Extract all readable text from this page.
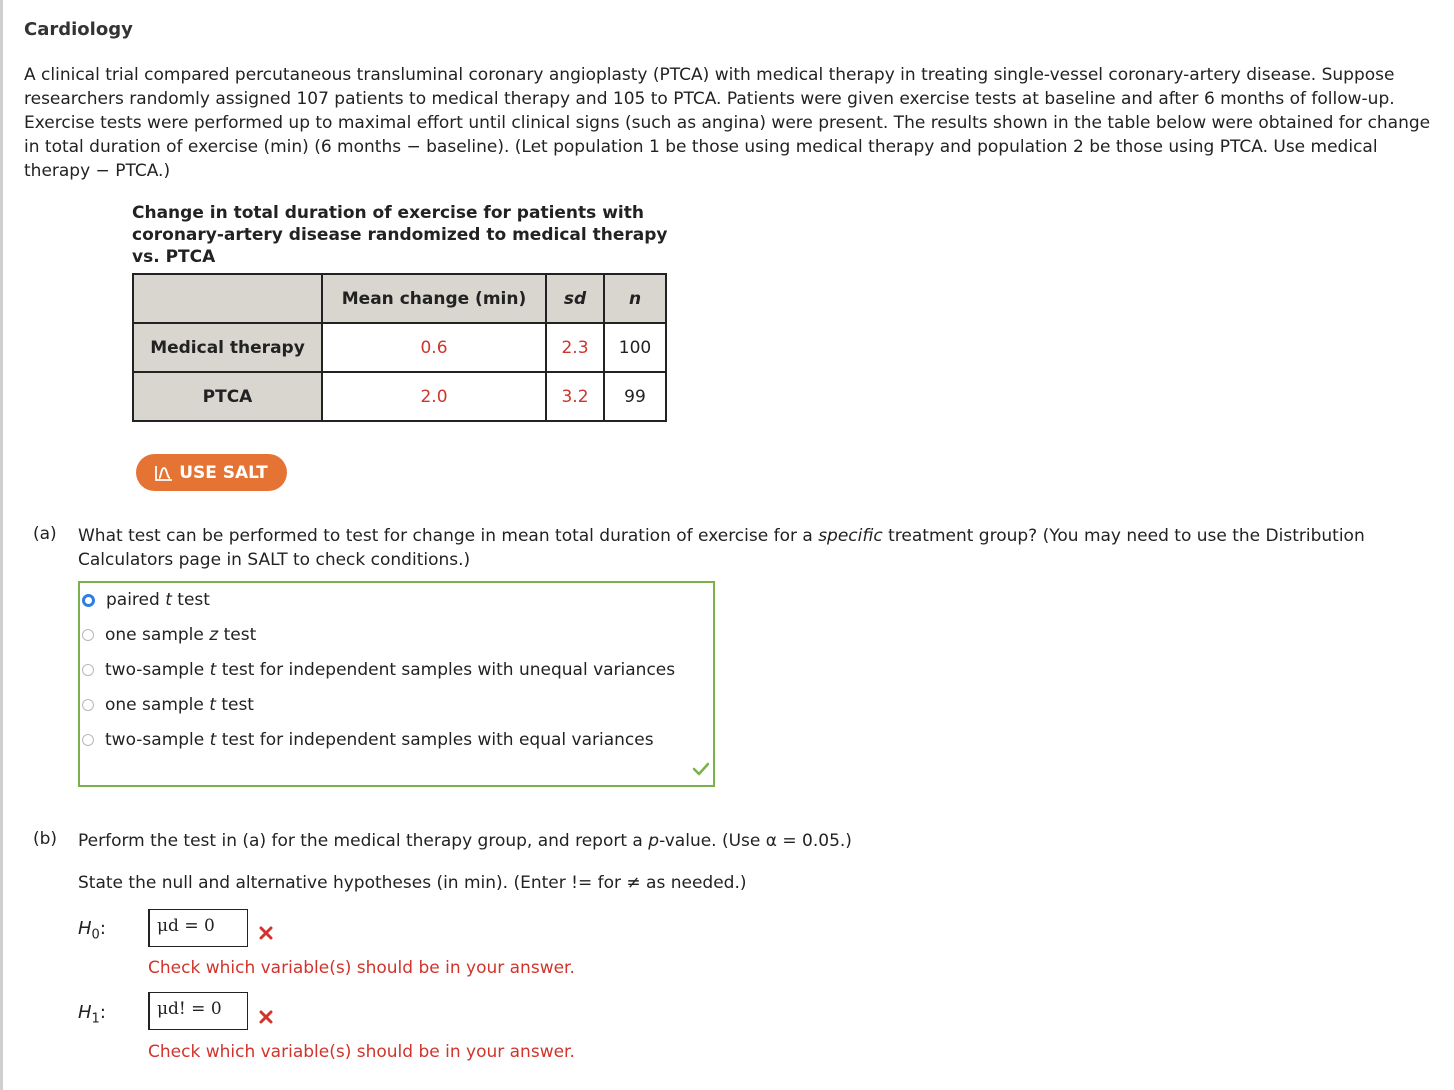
Cardiology
A clinical trial compared percutaneous transluminal coronary angioplasty (PTCA) with medical therapy in treating single-vessel coronary-artery disease. Suppose researchers randomly assigned 107 patients to medical therapy and 105 to PTCA. Patients were given exercise tests at baseline and after 6 months of follow-up. Exercise tests were performed up to maximal effort until clinical signs (such as angina) were present. The results shown in the table below were obtained for change in total duration of exercise (min) (6 months − baseline). (Let population 1 be those using medical therapy and population 2 be those using PTCA. Use medical therapy − PTCA.)
Change in total duration of exercise for patients with coronary-artery disease randomized to medical therapy vs. PTCA
	Mean change (min)	sd	n
Medical therapy	0.6	2.3	100
PTCA	2.0	3.2	99
USE SALT
(a) What test can be performed to test for change in mean total duration of exercise for a specific treatment group? (You may need to use the Distribution Calculators page in SALT to check conditions.)
paired t test
one sample z test
two-sample t test for independent samples with unequal variances
one sample t test
two-sample t test for independent samples with equal variances
(b) Perform the test in (a) for the medical therapy group, and report a p-value. (Use α = 0.05.)
State the null and alternative hypotheses (in min). (Enter != for ≠ as needed.)
$H_0$:	μd = 0
Check which variable(s) should be in your answer.
$H_1$:	μd! = 0
Check which variable(s) should be in your answer.
